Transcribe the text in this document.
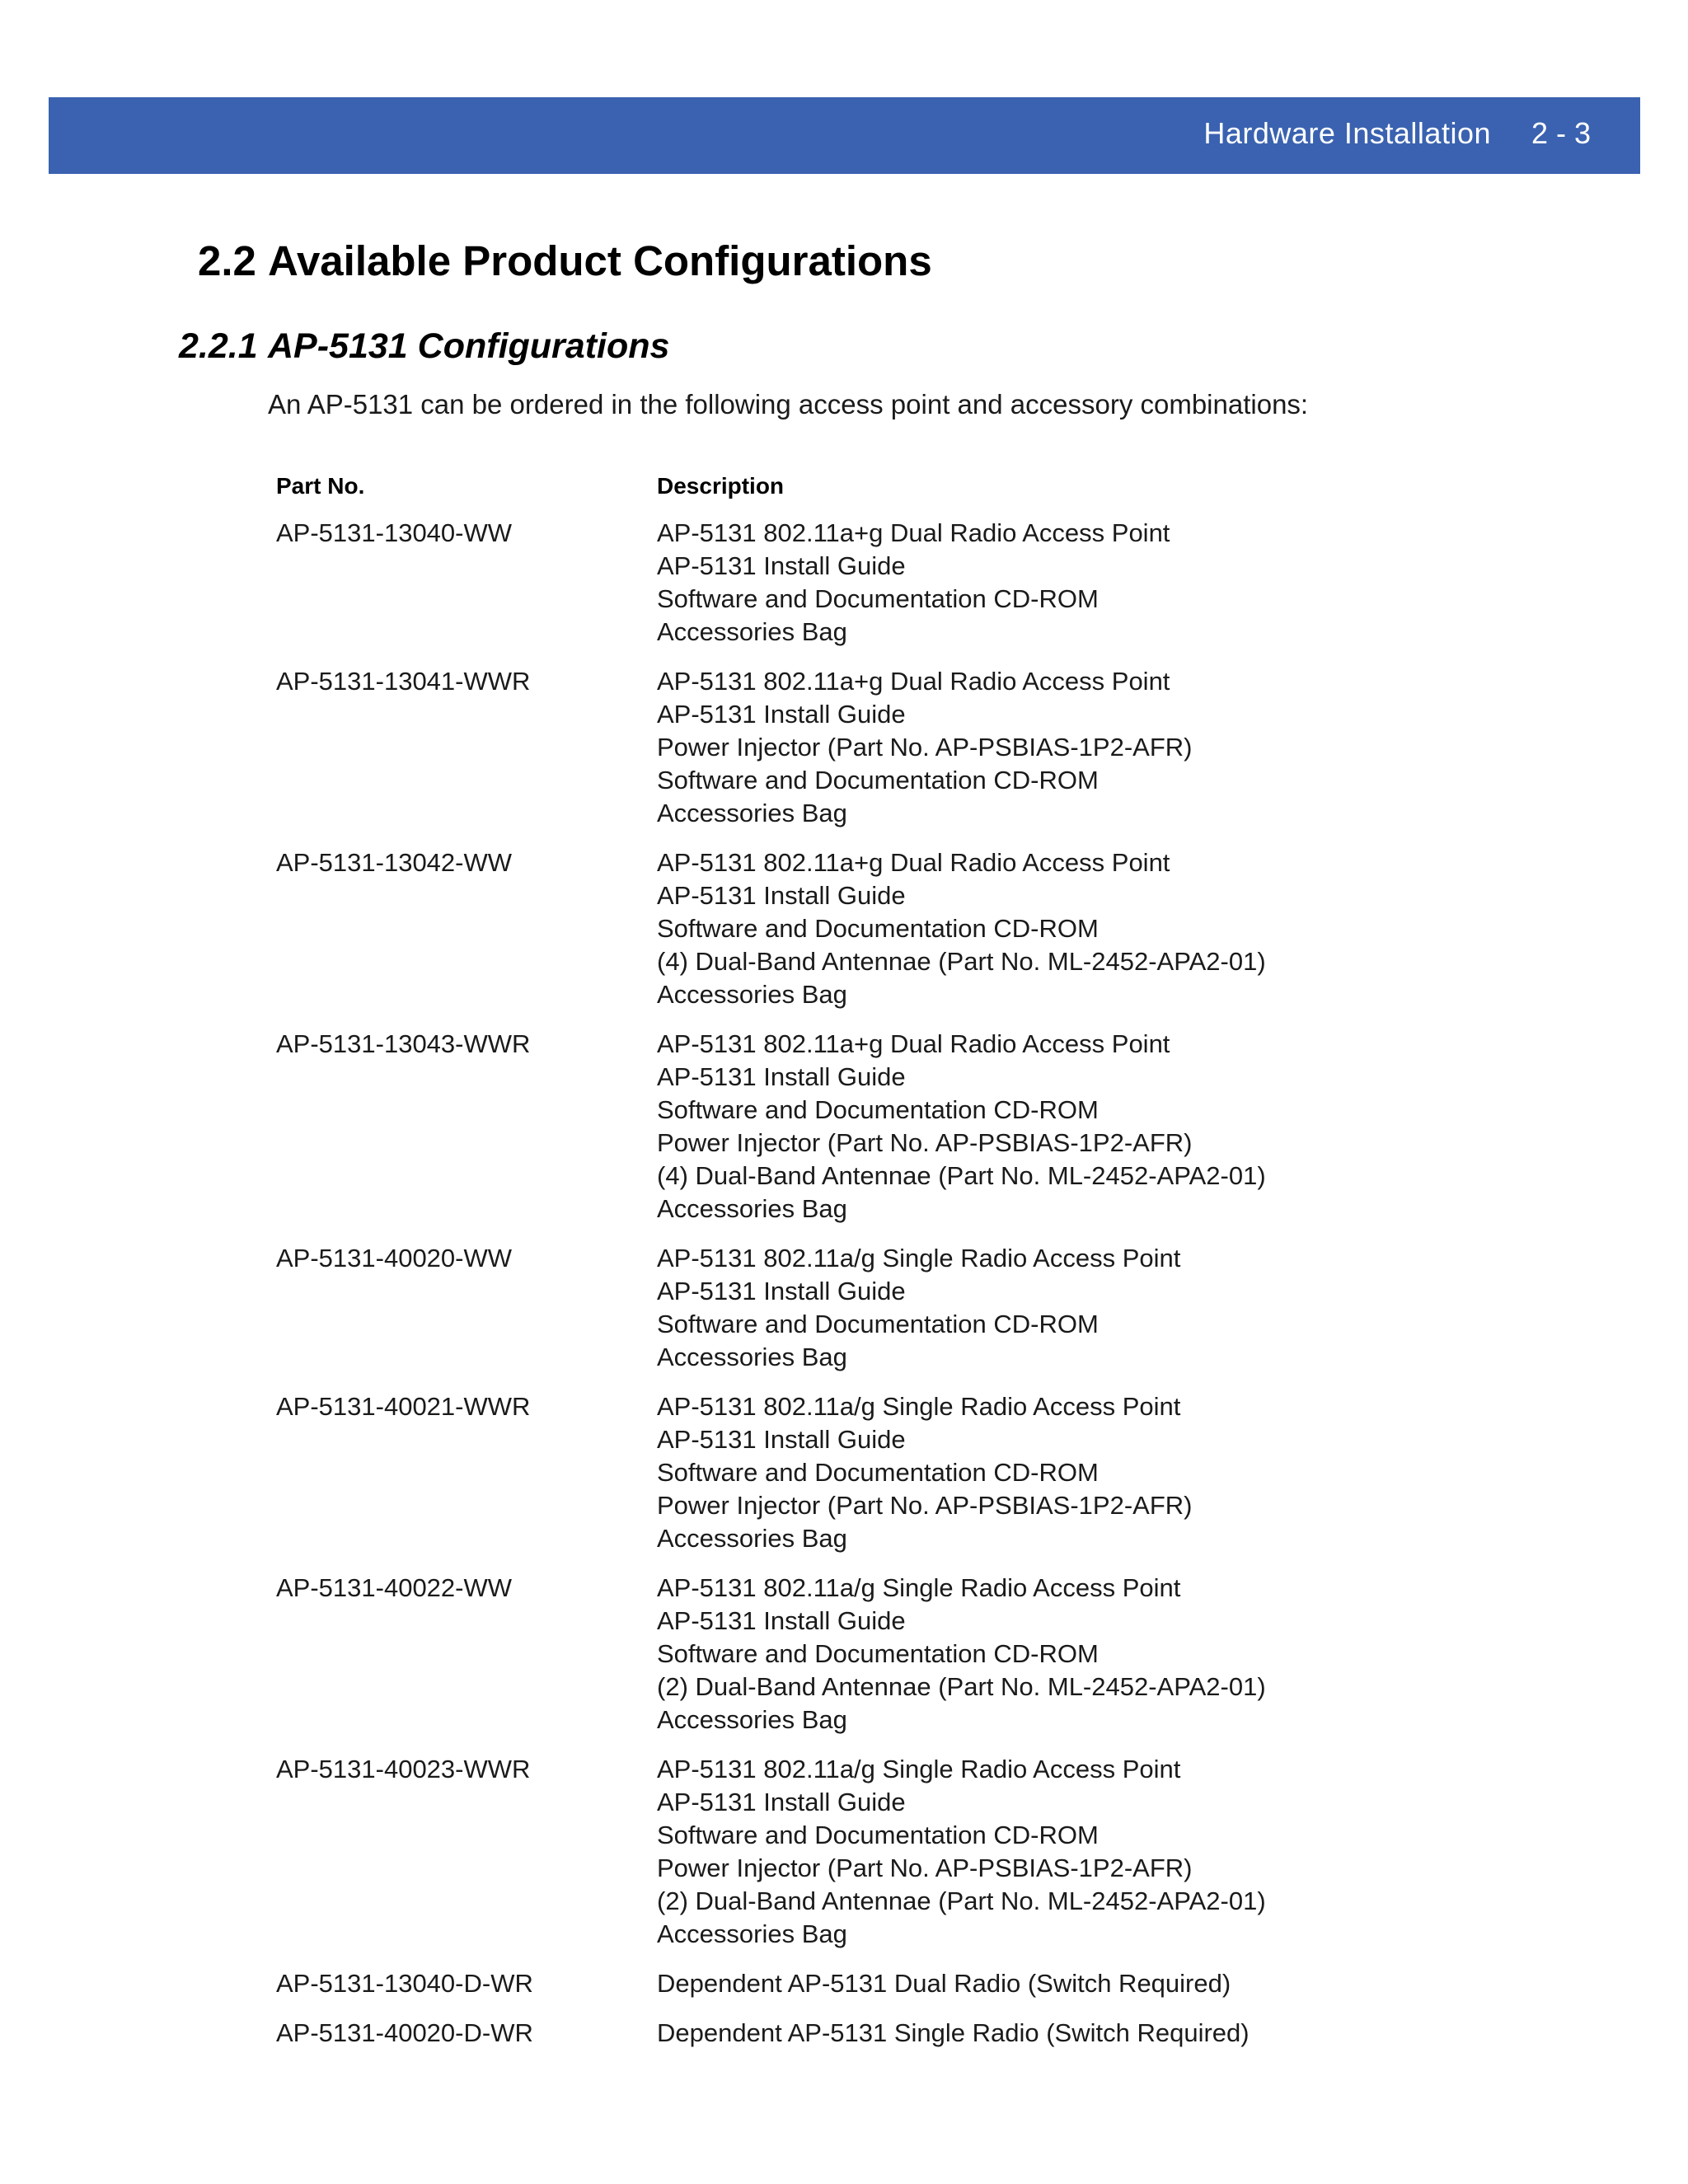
Hardware Installation 2 - 3
2.2 Available Product Configurations
2.2.1 AP-5131 Configurations
An AP-5131 can be ordered in the following access point and accessory combinations:
Part No.	Description
AP-5131-13040-WW	AP-5131 802.11a+g Dual Radio Access Point
AP-5131 Install Guide
Software and Documentation CD-ROM
Accessories Bag
AP-5131-13041-WWR	AP-5131 802.11a+g Dual Radio Access Point
AP-5131 Install Guide
Power Injector (Part No. AP-PSBIAS-1P2-AFR)
Software and Documentation CD-ROM
Accessories Bag
AP-5131-13042-WW	AP-5131 802.11a+g Dual Radio Access Point
AP-5131 Install Guide
Software and Documentation CD-ROM
(4) Dual-Band Antennae (Part No. ML-2452-APA2-01)
Accessories Bag
AP-5131-13043-WWR	AP-5131 802.11a+g Dual Radio Access Point
AP-5131 Install Guide
Software and Documentation CD-ROM
Power Injector (Part No. AP-PSBIAS-1P2-AFR)
(4) Dual-Band Antennae (Part No. ML-2452-APA2-01)
Accessories Bag
AP-5131-40020-WW	AP-5131 802.11a/g Single Radio Access Point
AP-5131 Install Guide
Software and Documentation CD-ROM
Accessories Bag
AP-5131-40021-WWR	AP-5131 802.11a/g Single Radio Access Point
AP-5131 Install Guide
Software and Documentation CD-ROM
Power Injector (Part No. AP-PSBIAS-1P2-AFR)
Accessories Bag
AP-5131-40022-WW	AP-5131 802.11a/g Single Radio Access Point
AP-5131 Install Guide
Software and Documentation CD-ROM
(2) Dual-Band Antennae (Part No. ML-2452-APA2-01)
Accessories Bag
AP-5131-40023-WWR	AP-5131 802.11a/g Single Radio Access Point
AP-5131 Install Guide
Software and Documentation CD-ROM
Power Injector (Part No. AP-PSBIAS-1P2-AFR)
(2) Dual-Band Antennae (Part No. ML-2452-APA2-01)
Accessories Bag
AP-5131-13040-D-WR	Dependent AP-5131 Dual Radio (Switch Required)
AP-5131-40020-D-WR	Dependent AP-5131 Single Radio (Switch Required)
